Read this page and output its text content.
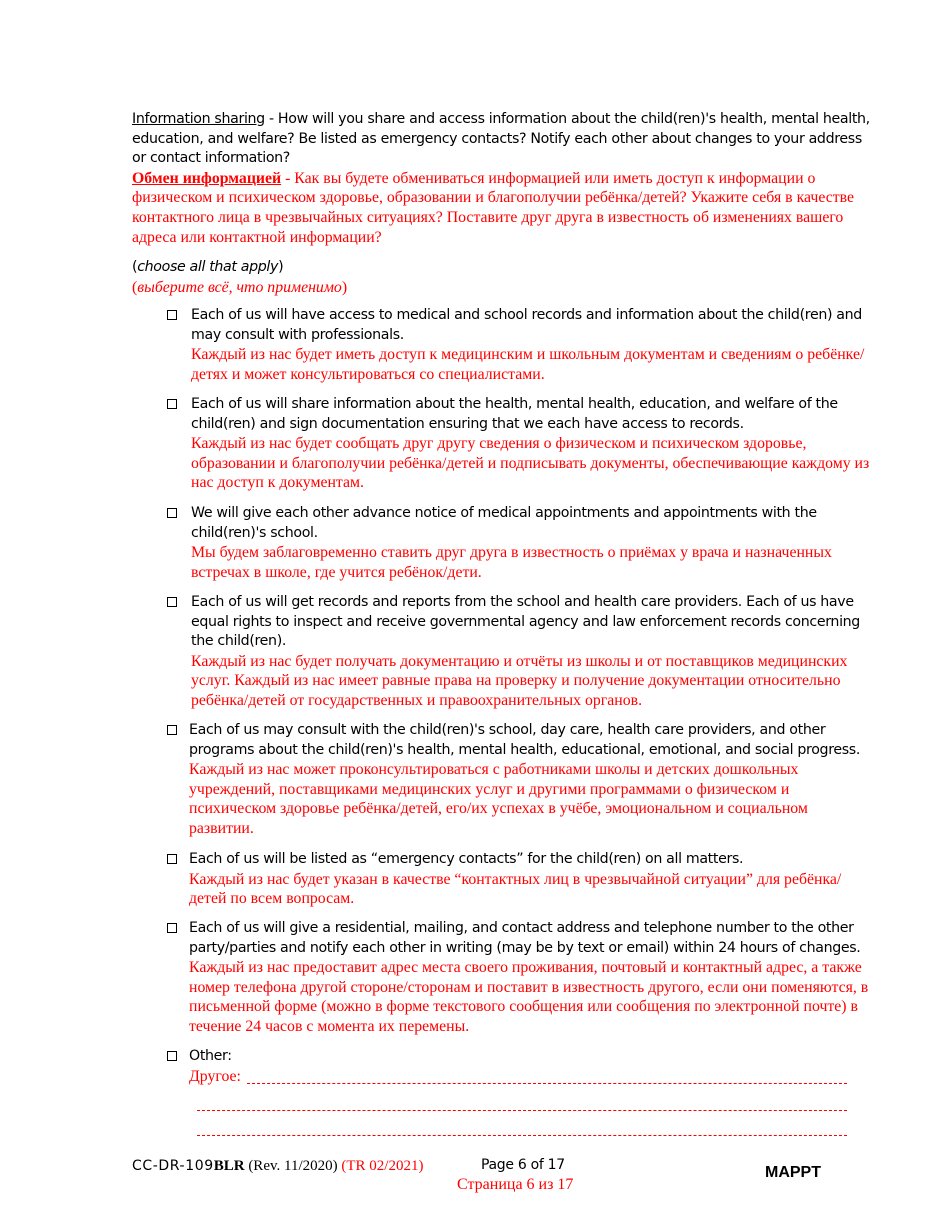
Information sharing - How will you share and access information about the child(ren)'s health, mental health, education, and welfare? Be listed as emergency contacts? Notify each other about changes to your address or contact information?
Обмен информацией - Как вы будете обмениваться информацией или иметь доступ к информации о физическом и психическом здоровье, образовании и благополучии ребёнка/детей? Укажите себя в качестве контактного лица в чрезвычайных ситуациях? Поставите друг друга в известность об изменениях вашего адреса или контактной информации?
(choose all that apply)
(выберите всё, что применимо)
Each of us will have access to medical and school records and information about the child(ren) and may consult with professionals.
Каждый из нас будет иметь доступ к медицинским и школьным документам и сведениям о ребёнке/детях и может консультироваться со специалистами.
Each of us will share information about the health, mental health, education, and welfare of the child(ren) and sign documentation ensuring that we each have access to records.
Каждый из нас будет сообщать друг другу сведения о физическом и психическом здоровье, образовании и благополучии ребёнка/детей и подписывать документы, обеспечивающие каждому из нас доступ к документам.
We will give each other advance notice of medical appointments and appointments with the child(ren)'s school.
Мы будем заблаговременно ставить друг друга в известность о приёмах у врача и назначенных встречах в школе, где учится ребёнок/дети.
Each of us will get records and reports from the school and health care providers. Each of us have equal rights to inspect and receive governmental agency and law enforcement records concerning the child(ren).
Каждый из нас будет получать документацию и отчёты из школы и от поставщиков медицинских услуг. Каждый из нас имеет равные права на проверку и получение документации относительно ребёнка/детей от государственных и правоохранительных органов.
Each of us may consult with the child(ren)'s school, day care, health care providers, and other programs about the child(ren)'s health, mental health, educational, emotional, and social progress.
Каждый из нас может проконсультироваться с работниками школы и детских дошкольных учреждений, поставщиками медицинских услуг и другими программами о физическом и психическом здоровье ребёнка/детей, его/их успехах в учёбе, эмоциональном и социальном развитии.
Each of us will be listed as “emergency contacts” for the child(ren) on all matters.
Каждый из нас будет указан в качестве “контактных лиц в чрезвычайной ситуации” для ребёнка/детей по всем вопросам.
Each of us will give a residential, mailing, and contact address and telephone number to the other party/parties and notify each other in writing (may be by text or email) within 24 hours of changes.
Каждый из нас предоставит адрес места своего проживания, почтовый и контактный адрес, а также номер телефона другой стороне/сторонам и поставит в известность другого, если они поменяются, в письменной форме (можно в форме текстового сообщения или сообщения по электронной почте) в течение 24 часов с момента их перемены.
Other:
Другое:
CC-DR-109BLR (Rev. 11/2020) (TR 02/2021)	Page 6 of 17
Страница 6 из 17
MAPPT
